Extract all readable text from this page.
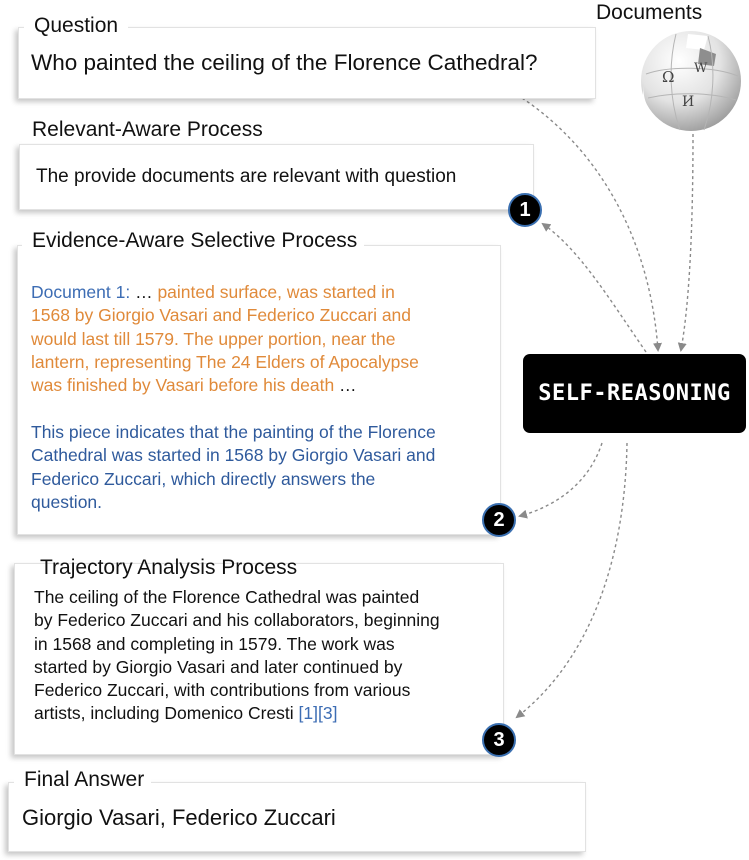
Question
Who painted the ceiling of the Florence Cathedral?
Documents
Ω W
И
Relevant-Aware Process
The provide documents are relevant with question
1
Evidence-Aware Selective Process
Document 1: … painted surface, was started in
1568 by Giorgio Vasari and Federico Zuccari and
would last till 1579. The upper portion, near the
lantern, representing The 24 Elders of Apocalypse
was finished by Vasari before his death …
This piece indicates that the painting of the Florence
Cathedral was started in 1568 by Giorgio Vasari and
Federico Zuccari, which directly answers the
question.
2
SELF-REASONING
Trajectory Analysis Process
The ceiling of the Florence Cathedral was painted
by Federico Zuccari and his collaborators, beginning
in 1568 and completing in 1579. The work was
started by Giorgio Vasari and later continued by
Federico Zuccari, with contributions from various
artists, including Domenico Cresti [1][3]
3
Final Answer
Giorgio Vasari, Federico Zuccari
